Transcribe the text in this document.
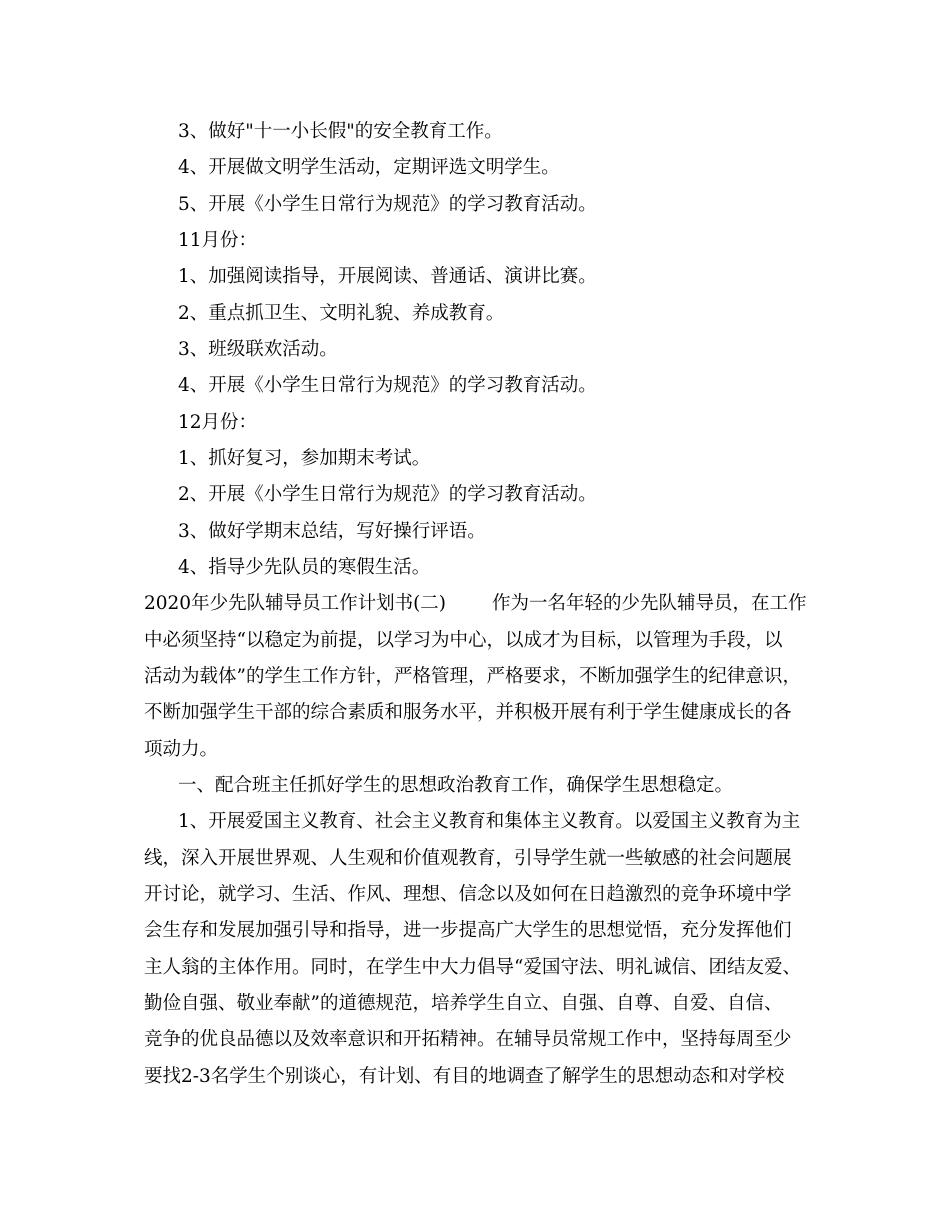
3、做好"十一小长假"的安全教育工作。
4、开展做文明学生活动，定期评选文明学生。
5、开展《小学生日常行为规范》的学习教育活动。
11月份：
1、加强阅读指导，开展阅读、普通话、演讲比赛。
2、重点抓卫生、文明礼貌、养成教育。
3、班级联欢活动。
4、开展《小学生日常行为规范》的学习教育活动。
12月份：
1、抓好复习，参加期末考试。
2、开展《小学生日常行为规范》的学习教育活动。
3、做好学期末总结，写好操行评语。
4、指导少先队员的寒假生活。
2020年少先队辅导员工作计划书(二) 作为一名年轻的少先队辅导员，在工作
中必须坚持“以稳定为前提，以学习为中心，以成才为目标，以管理为手段，以
活动为载体”的学生工作方针，严格管理，严格要求，不断加强学生的纪律意识，
不断加强学生干部的综合素质和服务水平，并积极开展有利于学生健康成长的各
项动力。
一、配合班主任抓好学生的思想政治教育工作，确保学生思想稳定。
1、开展爱国主义教育、社会主义教育和集体主义教育。以爱国主义教育为主
线，深入开展世界观、人生观和价值观教育，引导学生就一些敏感的社会问题展
开讨论，就学习、生活、作风、理想、信念以及如何在日趋激烈的竞争环境中学
会生存和发展加强引导和指导，进一步提高广大学生的思想觉悟，充分发挥他们
主人翁的主体作用。同时，在学生中大力倡导“爱国守法、明礼诚信、团结友爱、
勤俭自强、敬业奉献”的道德规范，培养学生自立、自强、自尊、自爱、自信、
竞争的优良品德以及效率意识和开拓精神。在辅导员常规工作中，坚持每周至少
要找2-3名学生个别谈心，有计划、有目的地调查了解学生的思想动态和对学校
